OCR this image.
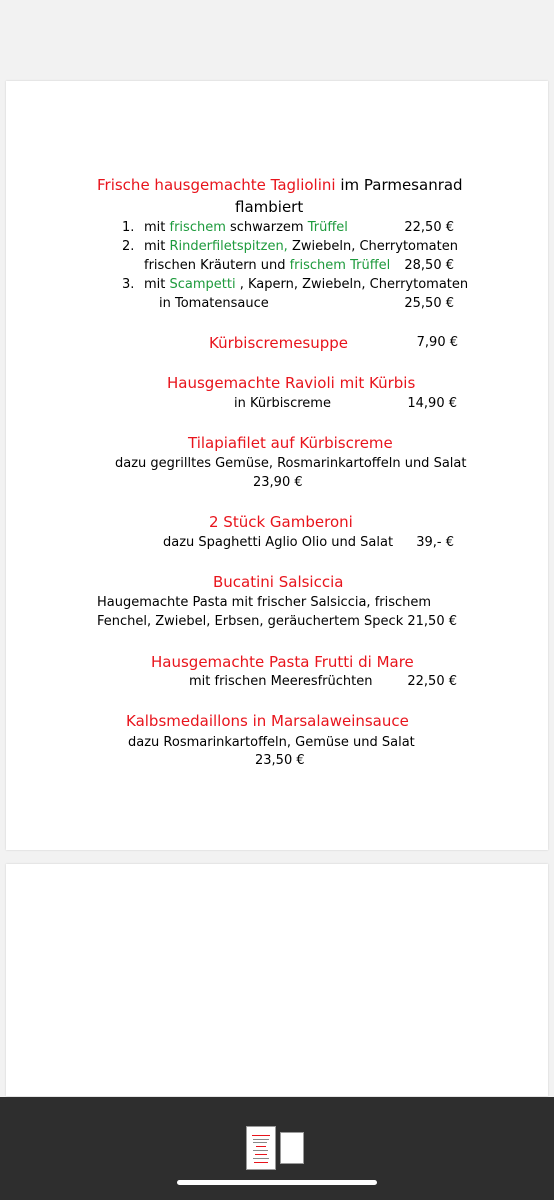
Frische hausgemachte Tagliolini im Parmesanrad
flambiert
1. mit frischem schwarzem Trüffel	22,50 €
2. mit Rinderfiletspitzen, Zwiebeln, Cherrytomaten
frischen Kräutern und frischem Trüffel 28,50 €
3. mit Scampetti , Kapern, Zwiebeln, Cherrytomaten
in Tomatensauce	25,50 €
Kürbiscremesuppe	7,90 €
Hausgemachte Ravioli mit Kürbis
in Kürbiscreme	14,90 €
Tilapiafilet auf Kürbiscreme
dazu gegrilltes Gemüse, Rosmarinkartoffeln und Salat
23,90 €
2 Stück Gamberoni
dazu Spaghetti Aglio Olio und Salat 39,- €
Bucatini Salsiccia
Haugemachte Pasta mit frischer Salsiccia, frischem
Fenchel, Zwiebel, Erbsen, geräuchertem Speck 21,50 €
Hausgemachte Pasta Frutti di Mare
mit frischen Meeresfrüchten	22,50 €
Kalbsmedaillons in Marsalaweinsauce
dazu Rosmarinkartoffeln, Gemüse und Salat
23,50 €
